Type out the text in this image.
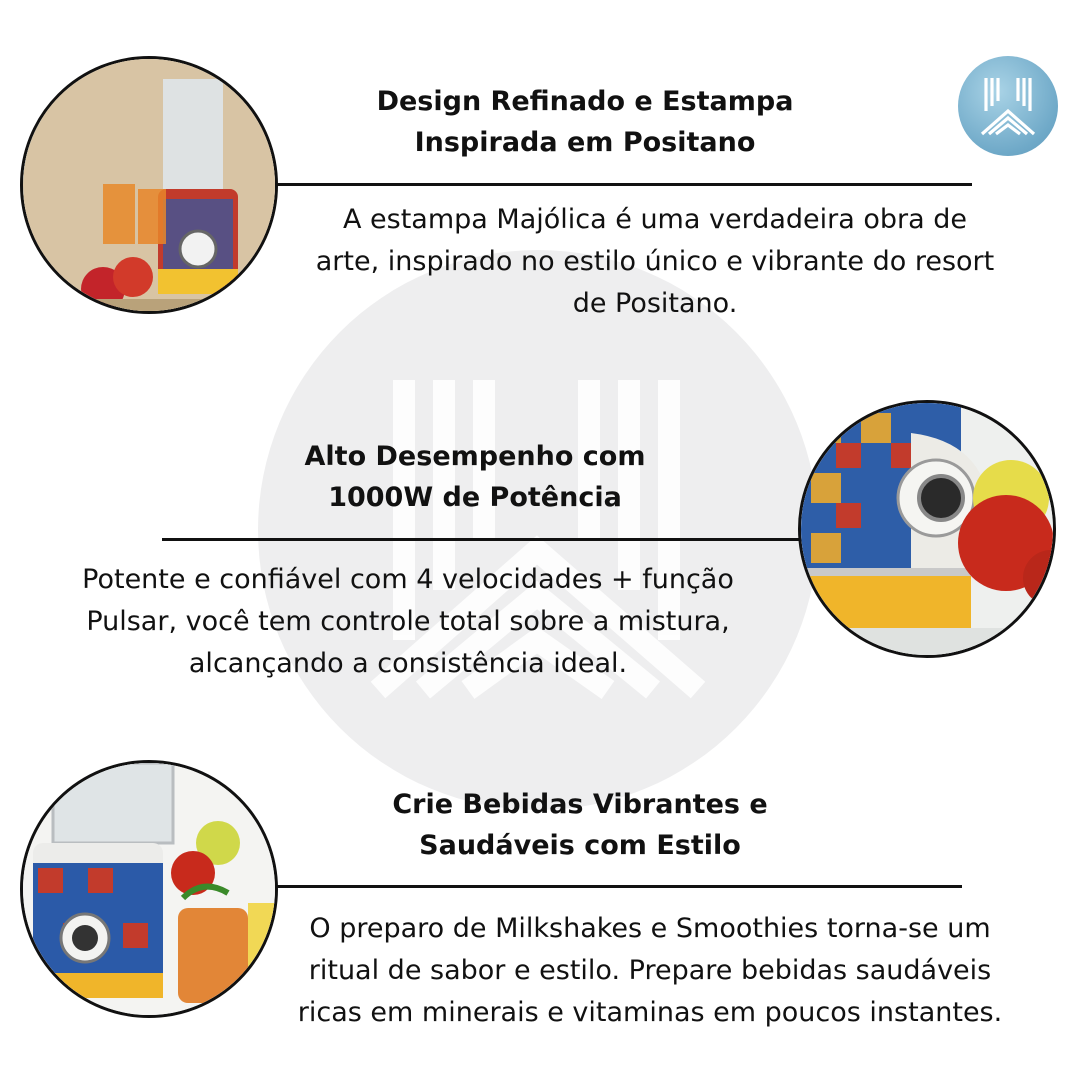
Design Refinado e Estampa
Inspirada em Positano
A estampa Majólica é uma verdadeira obra de
arte, inspirado no estilo único e vibrante do resort
de Positano.
Alto Desempenho com
1000W de Potência
Potente e confiável com 4 velocidades + função
Pulsar, você tem controle total sobre a mistura,
alcançando a consistência ideal.
Crie Bebidas Vibrantes e
Saudáveis com Estilo
O preparo de Milkshakes e Smoothies torna-se um
ritual de sabor e estilo. Prepare bebidas saudáveis
ricas em minerais e vitaminas em poucos instantes.
